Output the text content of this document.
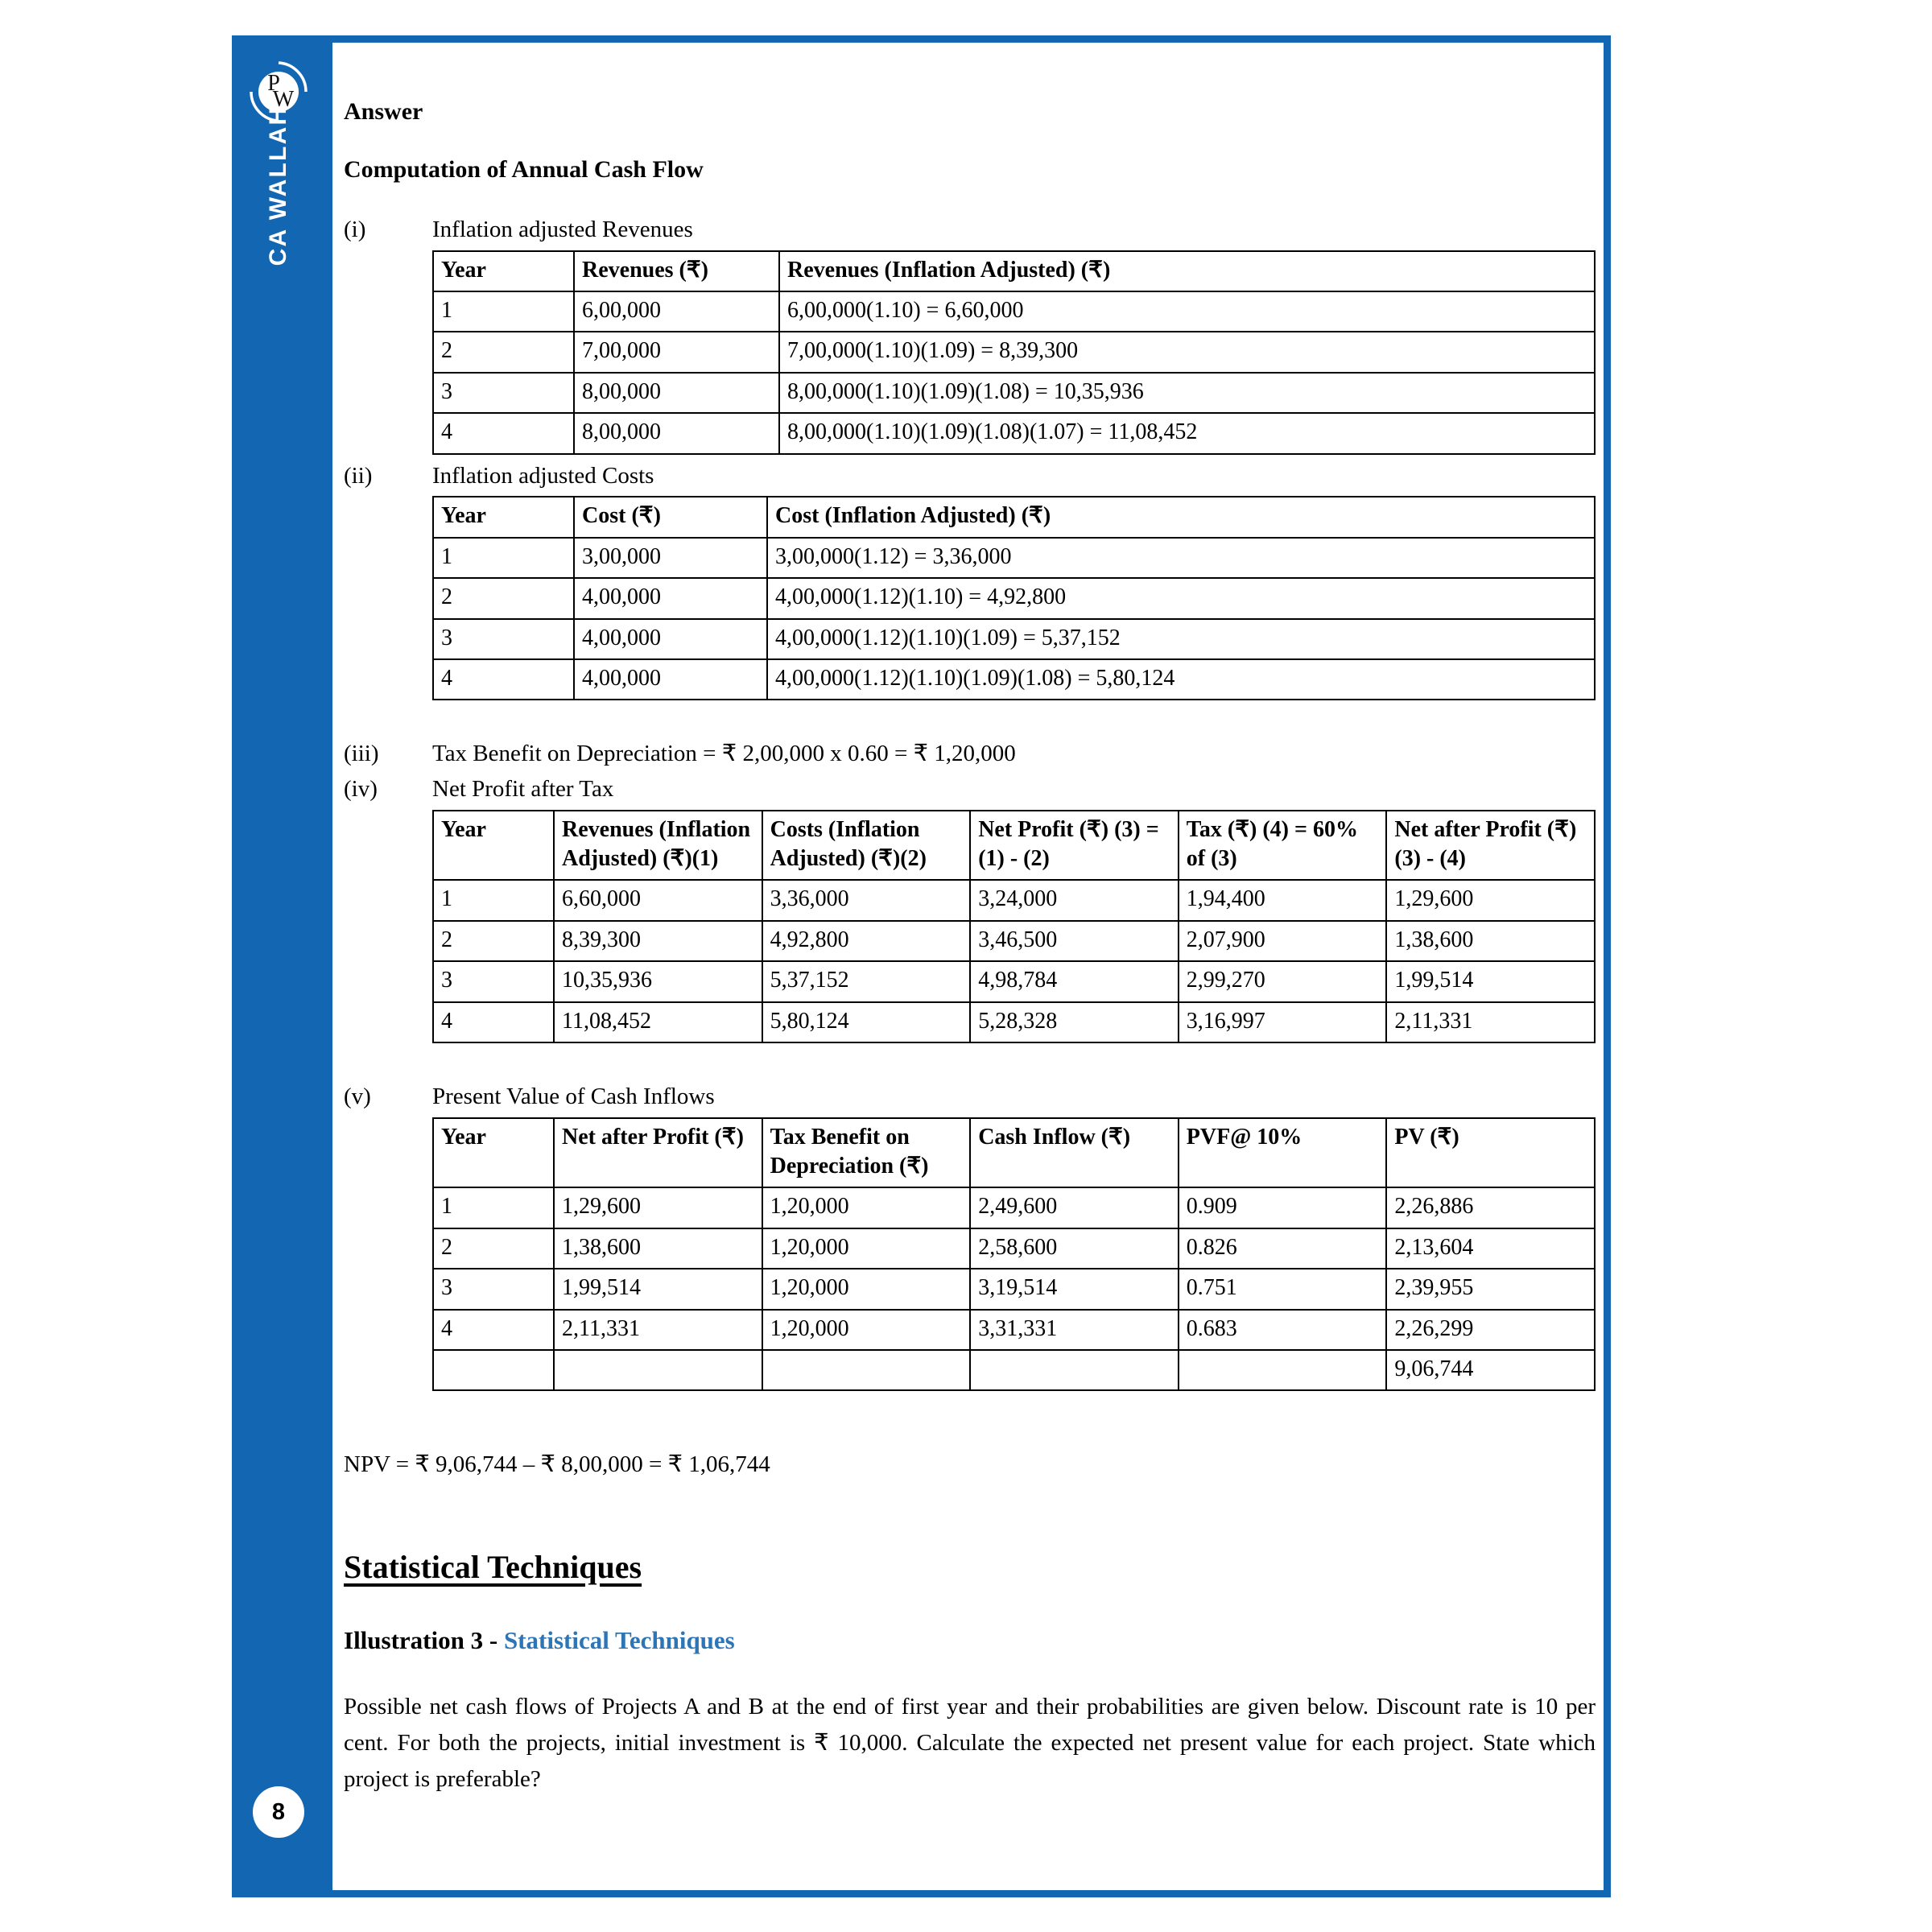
P
W
CA WALLAH
8
Answer
Computation of Annual Cash Flow
(i)	Inflation adjusted Revenues
Year	Revenues (₹)	Revenues (Inflation Adjusted) (₹)
1	6,00,000	6,00,000(1.10) = 6,60,000
2	7,00,000	7,00,000(1.10)(1.09) = 8,39,300
3	8,00,000	8,00,000(1.10)(1.09)(1.08) = 10,35,936
4	8,00,000	8,00,000(1.10)(1.09)(1.08)(1.07) = 11,08,452
(ii)	Inflation adjusted Costs
Year	Cost (₹)	Cost (Inflation Adjusted) (₹)
1	3,00,000	3,00,000(1.12) = 3,36,000
2	4,00,000	4,00,000(1.12)(1.10) = 4,92,800
3	4,00,000	4,00,000(1.12)(1.10)(1.09) = 5,37,152
4	4,00,000	4,00,000(1.12)(1.10)(1.09)(1.08) = 5,80,124
(iii)	Tax Benefit on Depreciation = ₹ 2,00,000 x 0.60 = ₹ 1,20,000
(iv)	Net Profit after Tax
Year	Revenues (Inflation Adjusted) (₹)(1)	Costs (Inflation Adjusted) (₹)(2)	Net Profit (₹) (3) = (1) - (2)	Tax (₹) (4) = 60% of (3)	Net after Profit (₹) (3) - (4)
1	6,60,000	3,36,000	3,24,000	1,94,400	1,29,600
2	8,39,300	4,92,800	3,46,500	2,07,900	1,38,600
3	10,35,936	5,37,152	4,98,784	2,99,270	1,99,514
4	11,08,452	5,80,124	5,28,328	3,16,997	2,11,331
(v)	Present Value of Cash Inflows
Year	Net after Profit (₹)	Tax Benefit on Depreciation (₹)	Cash Inflow (₹)	PVF@ 10%	PV (₹)
1	1,29,600	1,20,000	2,49,600	0.909	2,26,886
2	1,38,600	1,20,000	2,58,600	0.826	2,13,604
3	1,99,514	1,20,000	3,19,514	0.751	2,39,955
4	2,11,331	1,20,000	3,31,331	0.683	2,26,299
					9,06,744
NPV = ₹ 9,06,744 – ₹ 8,00,000 = ₹ 1,06,744
Statistical Techniques
Illustration 3 - Statistical Techniques
Possible net cash flows of Projects A and B at the end of first year and their probabilities are given below. Discount rate is 10 per cent. For both the projects, initial investment is ₹ 10,000. Calculate the expected net present value for each project. State which project is preferable?
